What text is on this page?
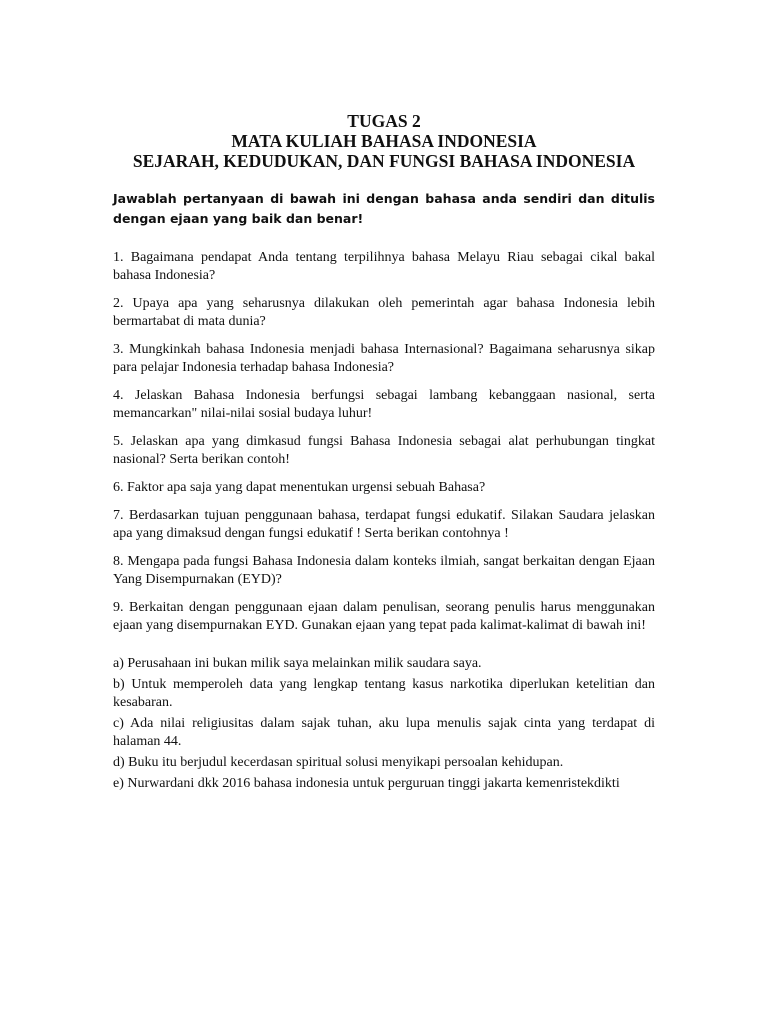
TUGAS 2
MATA KULIAH BAHASA INDONESIA
SEJARAH, KEDUDUKAN, DAN FUNGSI BAHASA INDONESIA

Jawablah pertanyaan di bawah ini dengan bahasa anda sendiri dan ditulis dengan ejaan yang baik dan benar!

1. Bagaimana pendapat Anda tentang terpilihnya bahasa Melayu Riau sebagai cikal bakal bahasa Indonesia?

2. Upaya apa yang seharusnya dilakukan oleh pemerintah agar bahasa Indonesia lebih bermartabat di mata dunia?

3. Mungkinkah bahasa Indonesia menjadi bahasa Internasional? Bagaimana seharusnya sikap para pelajar Indonesia terhadap bahasa Indonesia?

4. Jelaskan Bahasa Indonesia berfungsi sebagai lambang kebanggaan nasional, serta memancarkan" nilai-nilai sosial budaya luhur!

5. Jelaskan apa yang dimkasud fungsi Bahasa Indonesia sebagai alat perhubungan tingkat nasional? Serta berikan contoh!

6. Faktor apa saja yang dapat menentukan urgensi sebuah Bahasa?

7. Berdasarkan tujuan penggunaan bahasa, terdapat fungsi edukatif. Silakan Saudara jelaskan apa yang dimaksud dengan fungsi edukatif ! Serta berikan contohnya !

8. Mengapa pada fungsi Bahasa Indonesia dalam konteks ilmiah, sangat berkaitan dengan Ejaan Yang Disempurnakan (EYD)?

9. Berkaitan dengan penggunaan ejaan dalam penulisan, seorang penulis harus menggunakan ejaan yang disempurnakan EYD. Gunakan ejaan yang tepat pada kalimat-kalimat di bawah ini!

a) Perusahaan ini bukan milik saya melainkan milik saudara saya.

b) Untuk memperoleh data yang lengkap tentang kasus narkotika diperlukan ketelitian dan kesabaran.

c) Ada nilai religiusitas dalam sajak tuhan, aku lupa menulis sajak cinta yang terdapat di halaman 44.

d) Buku itu berjudul kecerdasan spiritual solusi menyikapi persoalan kehidupan.

e) Nurwardani dkk 2016 bahasa indonesia untuk perguruan tinggi jakarta kemenristekdikti
